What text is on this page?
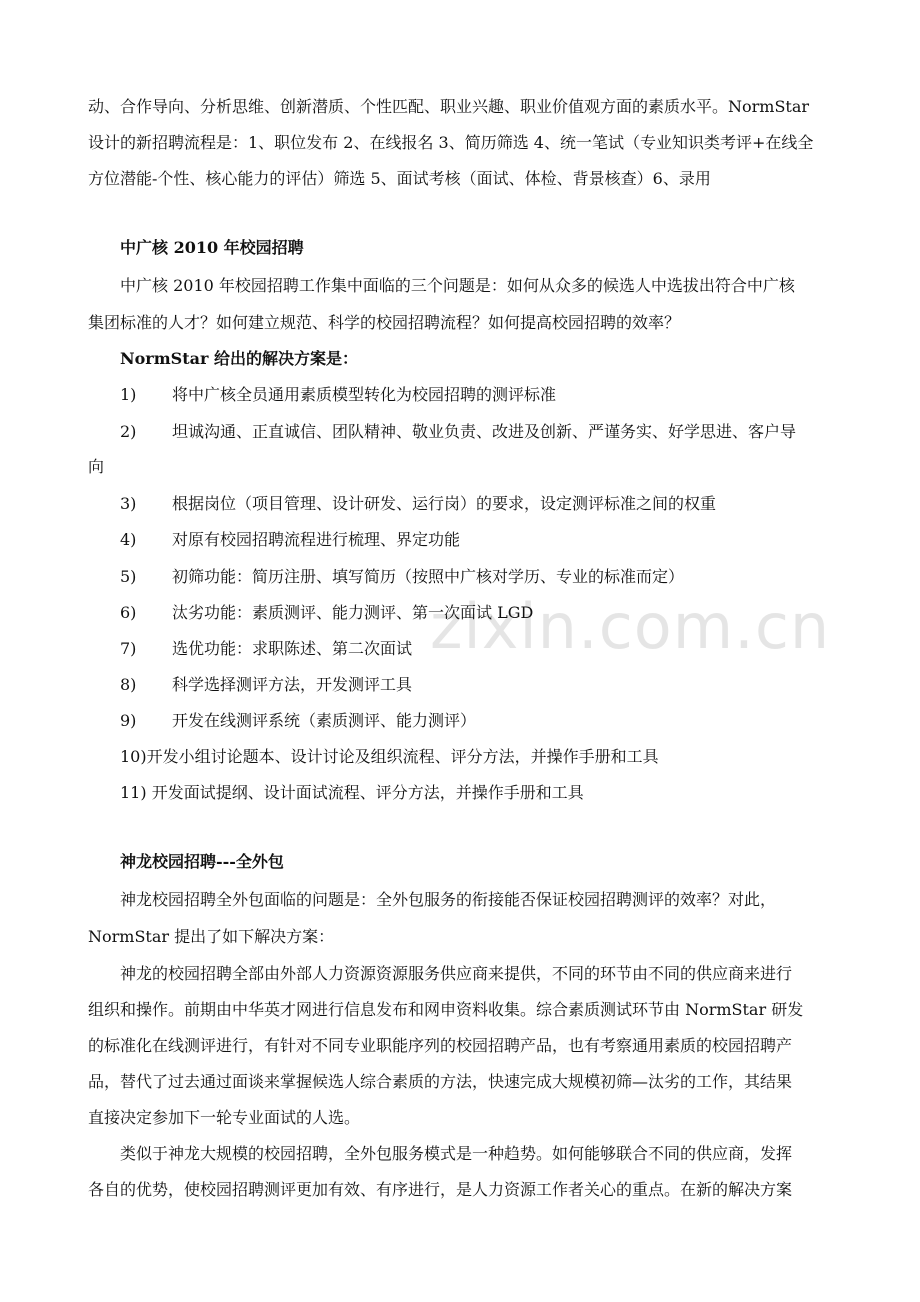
zixin.com.cn
动、合作导向、分析思维、创新潜质、个性匹配、职业兴趣、职业价值观方面的素质水平。NormStar
设计的新招聘流程是：1、职位发布 2、在线报名 3、简历筛选 4、统一笔试（专业知识类考评+在线全
方位潜能-个性、核心能力的评估）筛选 5、面试考核（面试、体检、背景核查）6、录用
中广核 2010 年校园招聘
中广核 2010 年校园招聘工作集中面临的三个问题是：如何从众多的候选人中选拔出符合中广核
集团标准的人才？如何建立规范、科学的校园招聘流程？如何提高校园招聘的效率？
NormStar 给出的解决方案是：
1) 将中广核全员通用素质模型转化为校园招聘的测评标准
2) 坦诚沟通、正直诚信、团队精神、敬业负责、改进及创新、严谨务实、好学思进、客户导
向
3) 根据岗位（项目管理、设计研发、运行岗）的要求，设定测评标准之间的权重
4) 对原有校园招聘流程进行梳理、界定功能
5) 初筛功能：简历注册、填写简历（按照中广核对学历、专业的标准而定）
6) 汰劣功能：素质测评、能力测评、第一次面试 LGD
7) 选优功能：求职陈述、第二次面试
8) 科学选择测评方法，开发测评工具
9) 开发在线测评系统（素质测评、能力测评）
10)开发小组讨论题本、设计讨论及组织流程、评分方法，并操作手册和工具
11) 开发面试提纲、设计面试流程、评分方法，并操作手册和工具
神龙校园招聘---全外包
神龙校园招聘全外包面临的问题是：全外包服务的衔接能否保证校园招聘测评的效率？对此，
NormStar 提出了如下解决方案：
神龙的校园招聘全部由外部人力资源资源服务供应商来提供，不同的环节由不同的供应商来进行
组织和操作。前期由中华英才网进行信息发布和网申资料收集。综合素质测试环节由 NormStar 研发
的标准化在线测评进行，有针对不同专业职能序列的校园招聘产品，也有考察通用素质的校园招聘产
品，替代了过去通过面谈来掌握候选人综合素质的方法，快速完成大规模初筛—汰劣的工作，其结果
直接决定参加下一轮专业面试的人选。
类似于神龙大规模的校园招聘，全外包服务模式是一种趋势。如何能够联合不同的供应商，发挥
各自的优势，使校园招聘测评更加有效、有序进行，是人力资源工作者关心的重点。在新的解决方案
